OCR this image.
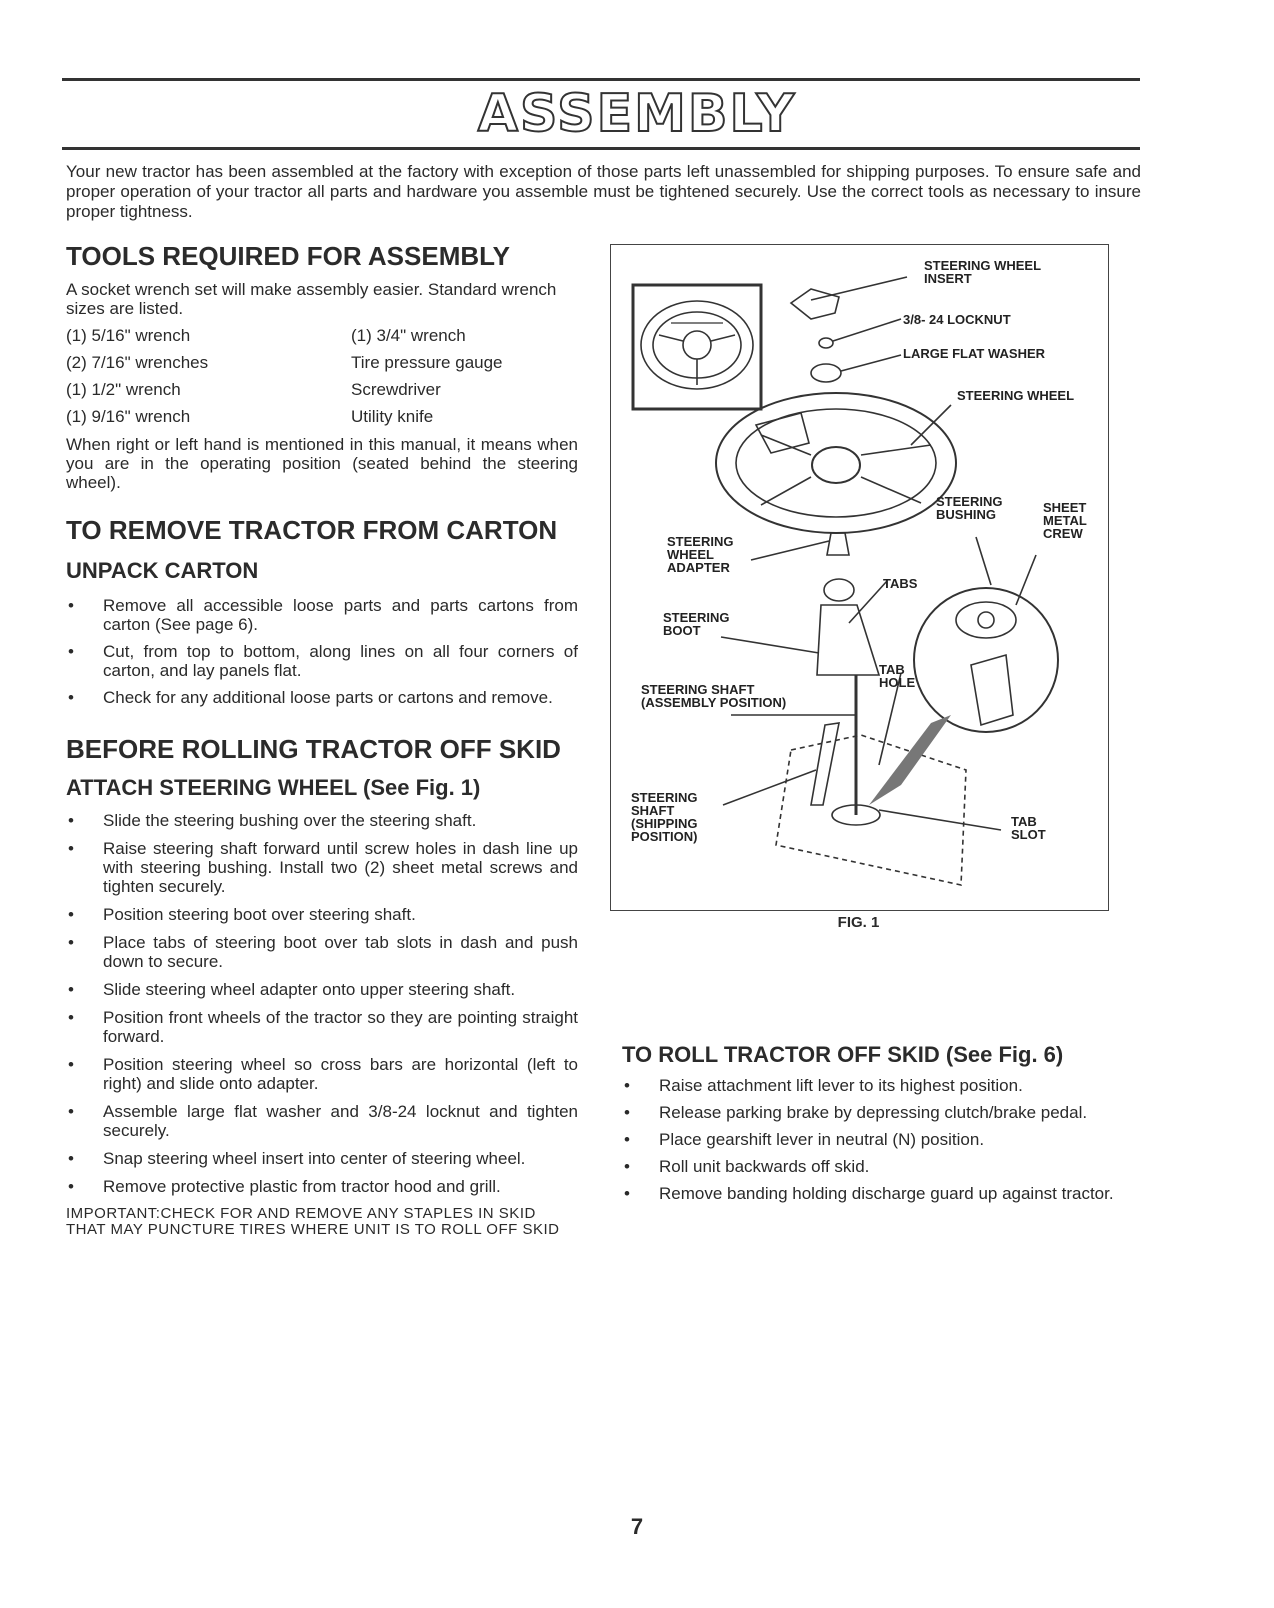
ASSEMBLY

Your new tractor has been assembled at the factory with exception of those parts left unassembled for shipping purposes. To ensure safe and proper operation of your tractor all parts and hardware you assemble must be tightened securely. Use the correct tools as necessary to insure proper tightness.

TOOLS REQUIRED FOR ASSEMBLY

A socket wrench set will make assembly easier. Standard wrench sizes are listed.

(1) 5/16" wrench	(1) 3/4" wrench
(2) 7/16" wrenches	Tire pressure gauge
(1) 1/2" wrench	Screwdriver
(1) 9/16" wrench	Utility knife

When right or left hand is mentioned in this manual, it means when you are in the operating position (seated behind the steering wheel).

TO REMOVE TRACTOR FROM CARTON
UNPACK CARTON
• Remove all accessible loose parts and parts cartons from carton (See page 6).
• Cut, from top to bottom, along lines on all four corners of carton, and lay panels flat.
• Check for any additional loose parts or cartons and remove.
BEFORE ROLLING TRACTOR OFF SKID
ATTACH STEERING WHEEL (See Fig. 1)
• Slide the steering bushing over the steering shaft.
• Raise steering shaft forward until screw holes in dash line up with steering bushing. Install two (2) sheet metal screws and tighten securely.
• Position steering boot over steering shaft.
• Place tabs of steering boot over tab slots in dash and push down to secure.
• Slide steering wheel adapter onto upper steering shaft.
• Position front wheels of the tractor so they are pointing straight forward.
• Position steering wheel so cross bars are horizontal (left to right) and slide onto adapter.
• Assemble large flat washer and 3/8-24 locknut and tighten securely.
• Snap steering wheel insert into center of steering wheel.
• Remove protective plastic from tractor hood and grill.

IMPORTANT:CHECK FOR AND REMOVE ANY STAPLES IN SKID THAT MAY PUNCTURE TIRES WHERE UNIT IS TO ROLL OFF SKID

STEERING WHEEL INSERT
3/8- 24 LOCKNUT
LARGE FLAT WASHER
STEERING WHEEL
STEERING BUSHING	SHEET METAL CREW
STEERING WHEEL ADAPTER
TABS
STEERING BOOT
TAB HOLE
STEERING SHAFT (ASSEMBLY POSITION)
STEERING SHAFT (SHIPPING POSITION)
TAB SLOT
FIG. 1
TO ROLL TRACTOR OFF SKID (See Fig. 6)
• Raise attachment lift lever to its highest position.
• Release parking brake by depressing clutch/brake pedal.
• Place gearshift lever in neutral (N) position.
• Roll unit backwards off skid.
• Remove banding holding discharge guard up against tractor.
7
